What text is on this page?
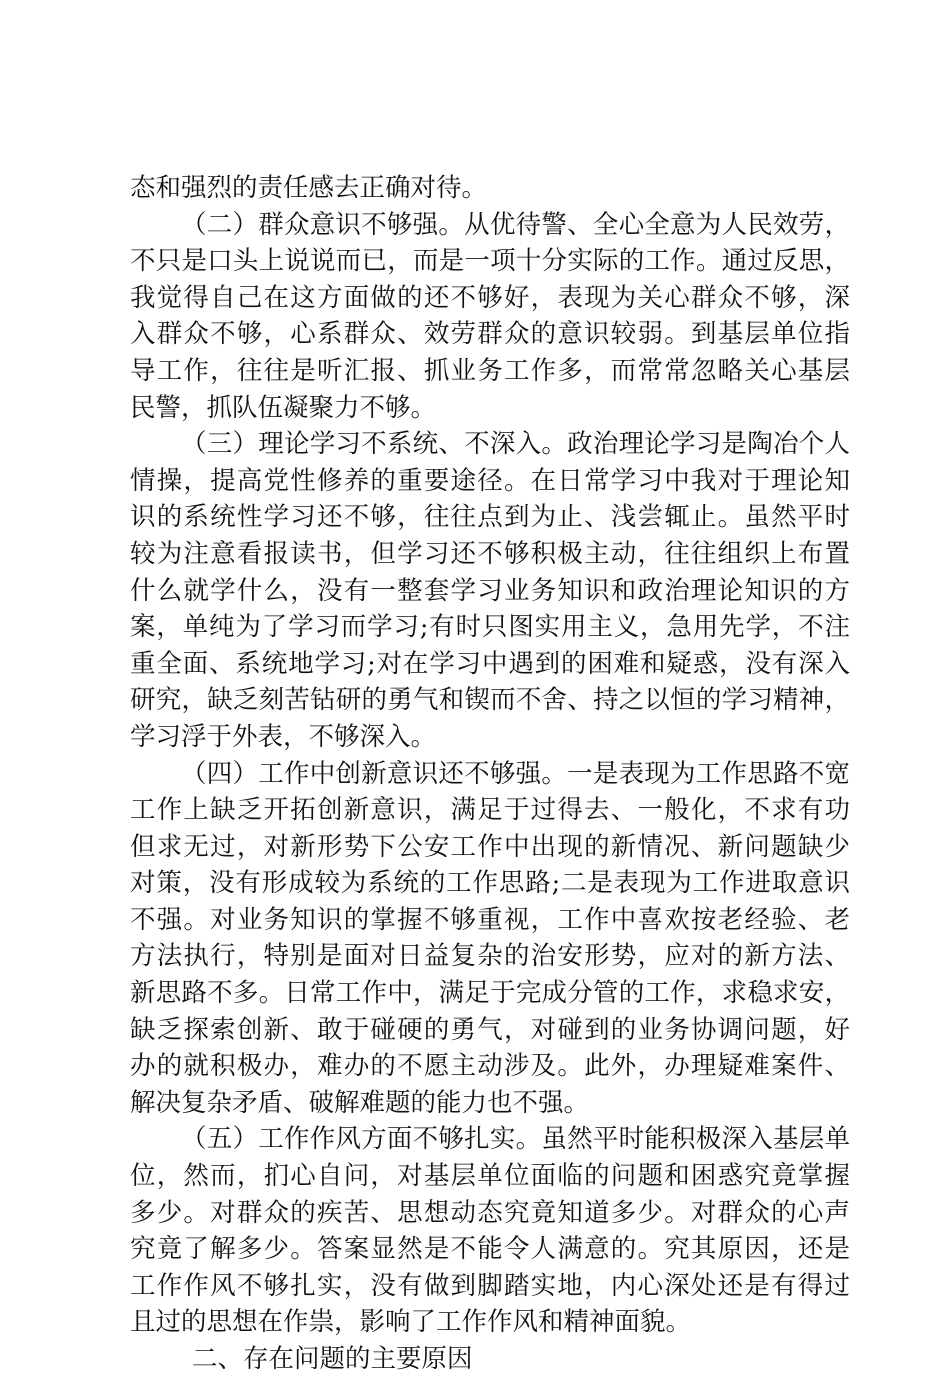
态和强烈的责任感去正确对待。
（二）群众意识不够强。从优待警、全心全意为人民效劳，
不只是口头上说说而已，而是一项十分实际的工作。通过反思，
我觉得自己在这方面做的还不够好，表现为关心群众不够，深
入群众不够，心系群众、效劳群众的意识较弱。到基层单位指
导工作，往往是听汇报、抓业务工作多，而常常忽略关心基层
民警，抓队伍凝聚力不够。
（三）理论学习不系统、不深入。政治理论学习是陶冶个人
情操，提高党性修养的重要途径。在日常学习中我对于理论知
识的系统性学习还不够，往往点到为止、浅尝辄止。虽然平时
较为注意看报读书，但学习还不够积极主动，往往组织上布置
什么就学什么，没有一整套学习业务知识和政治理论知识的方
案，单纯为了学习而学习;有时只图实用主义，急用先学，不注
重全面、系统地学习;对在学习中遇到的困难和疑惑，没有深入
研究，缺乏刻苦钻研的勇气和锲而不舍、持之以恒的学习精神，
学习浮于外表，不够深入。
（四）工作中创新意识还不够强。一是表现为工作思路不宽
工作上缺乏开拓创新意识，满足于过得去、一般化，不求有功
但求无过，对新形势下公安工作中出现的新情况、新问题缺少
对策，没有形成较为系统的工作思路;二是表现为工作进取意识
不强。对业务知识的掌握不够重视，工作中喜欢按老经验、老
方法执行，特别是面对日益复杂的治安形势，应对的新方法、
新思路不多。日常工作中，满足于完成分管的工作，求稳求安，
缺乏探索创新、敢于碰硬的勇气，对碰到的业务协调问题，好
办的就积极办，难办的不愿主动涉及。此外，办理疑难案件、
解决复杂矛盾、破解难题的能力也不强。
（五）工作作风方面不够扎实。虽然平时能积极深入基层单
位，然而，扪心自问，对基层单位面临的问题和困惑究竟掌握
多少。对群众的疾苦、思想动态究竟知道多少。对群众的心声
究竟了解多少。答案显然是不能令人满意的。究其原因，还是
工作作风不够扎实，没有做到脚踏实地，内心深处还是有得过
且过的思想在作祟，影响了工作作风和精神面貌。
二、存在问题的主要原因
